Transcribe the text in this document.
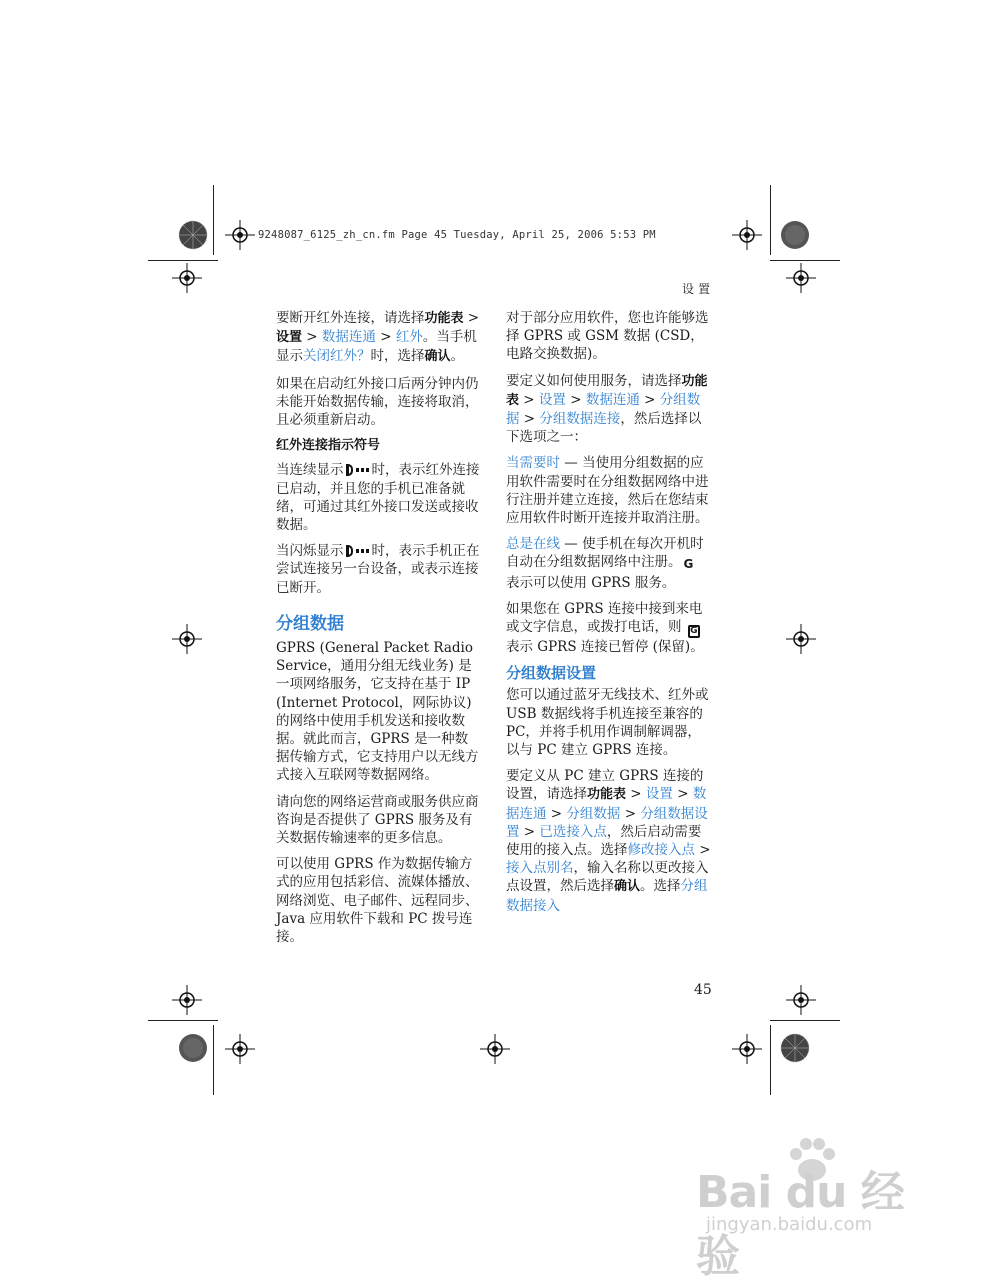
9248087_6125_zh_cn.fm Page 45 Tuesday, April 25, 2006 5:53 PM
设置

要断开红外连接，请选择功能表 > 设置 > 数据连通 > 红外。当手机显示关闭红外？时，选择确认。

如果在启动红外接口后两分钟内仍未能开始数据传输，连接将取消，且必须重新启动。

红外连接指示符号

当连续显示 时，表示红外连接已启动，并且您的手机已准备就绪，可通过其红外接口发送或接收数据。

当闪烁显示 时，表示手机正在尝试连接另一台设备，或表示连接已断开。

分组数据

GPRS (General Packet Radio Service，通用分组无线业务) 是一项网络服务，它支持在基于 IP (Internet Protocol，网际协议) 的网络中使用手机发送和接收数据。就此而言，GPRS 是一种数据传输方式，它支持用户以无线方式接入互联网等数据网络。

请向您的网络运营商或服务供应商咨询是否提供了 GPRS 服务及有关数据传输速率的更多信息。

可以使用 GPRS 作为数据传输方式的应用包括彩信、流媒体播放、网络浏览、电子邮件、远程同步、Java 应用软件下载和 PC 拨号连接。

对于部分应用软件，您也许能够选择 GPRS 或 GSM 数据 (CSD，电路交换数据)。

要定义如何使用服务，请选择功能表 > 设置 > 数据连通 > 分组数据 > 分组数据连接，然后选择以下选项之一：

当需要时 — 当使用分组数据的应用软件需要时在分组数据网络中进行注册并建立连接，然后在您结束应用软件时断开连接并取消注册。

总是在线 — 使手机在每次开机时自动在分组数据网络中注册。 G 表示可以使用 GPRS 服务。

如果您在 GPRS 连接中接到来电或文字信息，或拨打电话，则 G 表示 GPRS 连接已暂停 (保留)。

分组数据设置

您可以通过蓝牙无线技术、红外或 USB 数据线将手机连接至兼容的 PC，并将手机用作调制解调器，以与 PC 建立 GPRS 连接。

要定义从 PC 建立 GPRS 连接的设置，请选择功能表 > 设置 > 数据连通 > 分组数据 > 分组数据设置 > 已选接入点，然后启动需要使用的接入点。选择修改接入点 > 接入点别名，输入名称以更改接入点设置，然后选择确认。选择分组数据接入

45
Bai du 经验
jingyan.baidu.com
